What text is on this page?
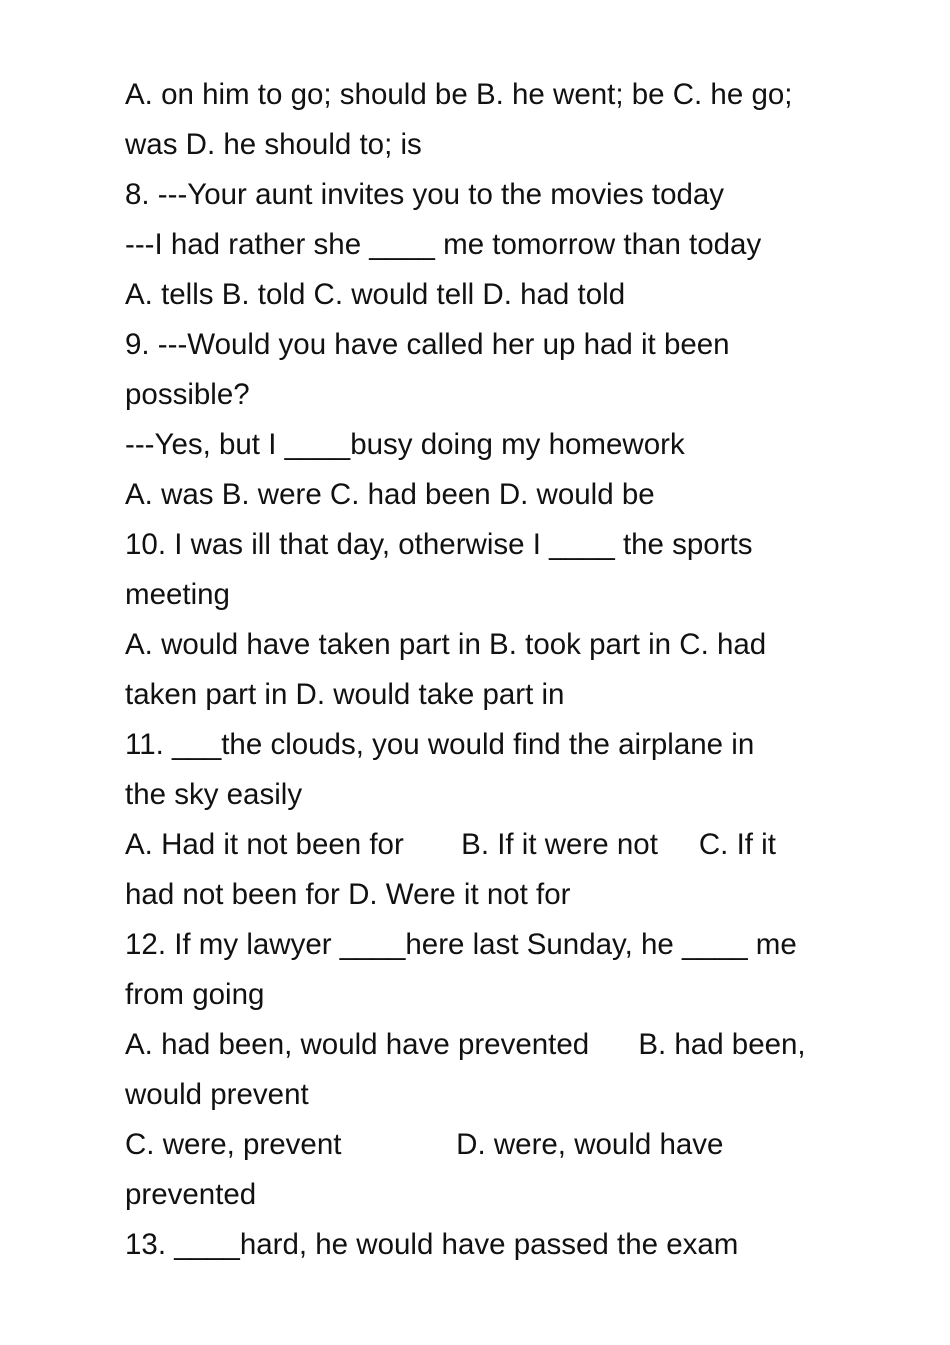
A. on him to go; should be B. he went; be C. he go;
was D. he should to; is
8. ---Your aunt invites you to the movies today
---I had rather she ____ me tomorrow than today
A. tells B. told C. would tell D. had told
9. ---Would you have called her up had it been
possible?
---Yes, but I ____busy doing my homework
A. was B. were C. had been D. would be
10. I was ill that day, otherwise I ____ the sports
meeting
A. would have taken part in B. took part in C. had
taken part in D. would take part in
11. ___the clouds, you would find the airplane in
the sky easily
A. Had it not been for       B. If it were not     C. If it
had not been for D. Were it not for
12. If my lawyer ____here last Sunday, he ____ me
from going
A. had been, would have prevented      B. had been,
would prevent
C. were, prevent              D. were, would have
prevented
13. ____hard, he would have passed the exam
